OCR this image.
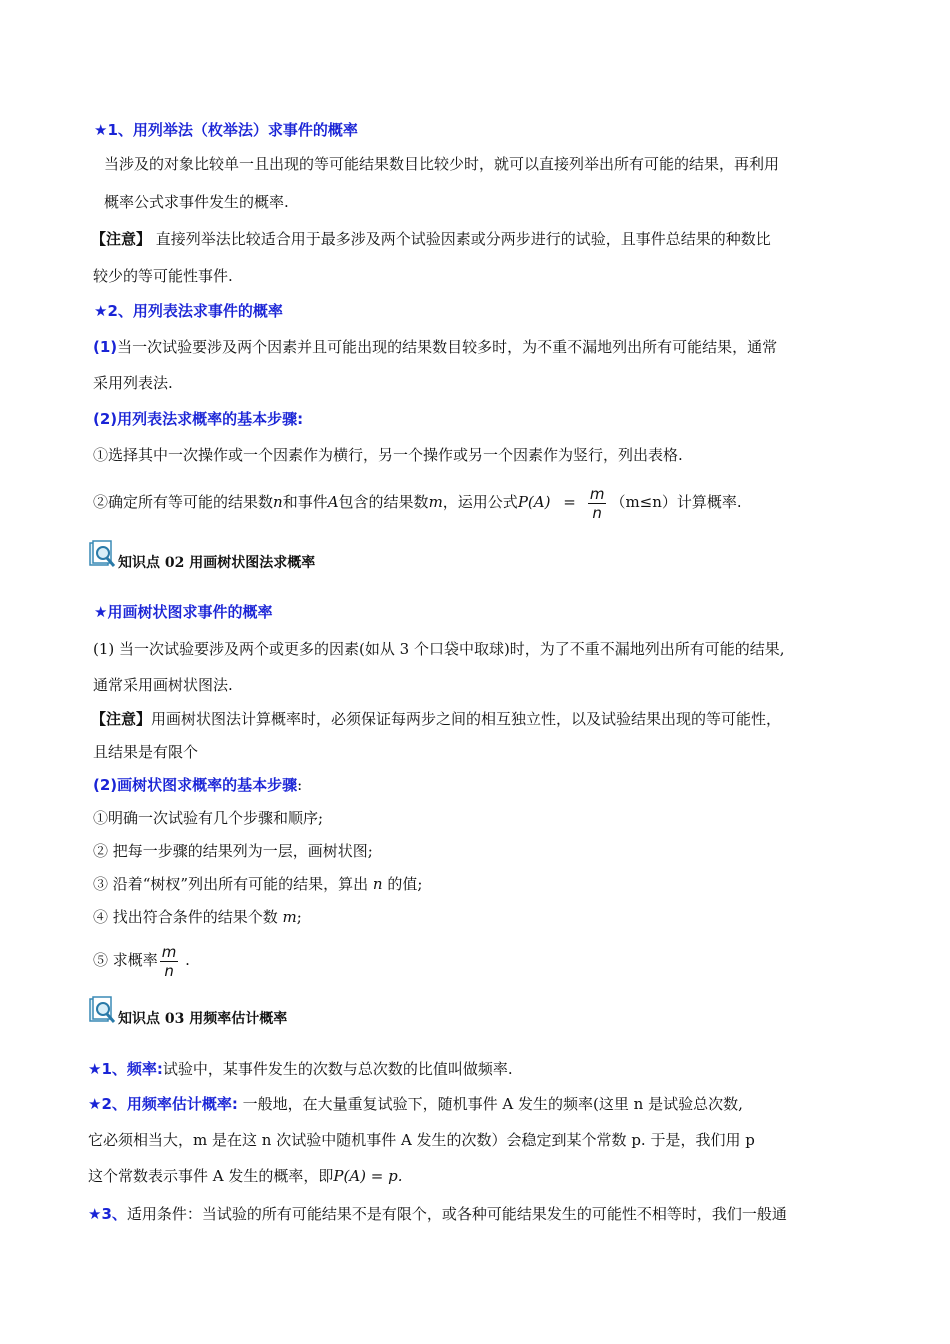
★1、用列举法（枚举法）求事件的概率
当涉及的对象比较单一且出现的等可能结果数目比较少时，就可以直接列举出所有可能的结果，再利用
概率公式求事件发生的概率.
【注意】 直接列举法比较适合用于最多涉及两个试验因素或分两步进行的试验，且事件总结果的种数比
较少的等可能性事件.
★2、用列表法求事件的概率
(1)当一次试验要涉及两个因素并且可能出现的结果数目较多时，为不重不漏地列出所有可能结果，通常
采用列表法.
(2)用列表法求概率的基本步骤:
①选择其中一次操作或一个因素作为横行，另一个操作或另一个因素作为竖行，列出表格.
②确定所有等可能的结果数n和事件A包含的结果数m，运用公式$P(A) = \frac{m}{n} (m\le n)$计算概率.
知识点 02 用画树状图法求概率
★用画树状图求事件的概率
(1) 当一次试验要涉及两个或更多的因素(如从 3 个口袋中取球)时，为了不重不漏地列出所有可能的结果,
通常采用画树状图法.
【注意】用画树状图法计算概率时，必须保证每两步之间的相互独立性，以及试验结果出现的等可能性，
且结果是有限个
(2)画树状图求概率的基本步骤:
①明确一次试验有几个步骤和顺序;
② 把每一步骤的结果列为一层，画树状图;
③ 沿着“树杈”列出所有可能的结果，算出 n 的值;
④ 找出符合条件的结果个数 m;
⑤ 求概率 $\frac{m}{n}$ .
知识点 03 用频率估计概率
★1、频率:试验中，某事件发生的次数与总次数的比值叫做频率.
★2、用频率估计概率: 一般地，在大量重复试验下，随机事件 A 发生的频率(这里 n 是试验总次数,
它必须相当大，m 是在这 n 次试验中随机事件 A 发生的次数）会稳定到某个常数 p. 于是，我们用 p
这个常数表示事件 A 发生的概率，即P(A) = p.
★3、适用条件：当试验的所有可能结果不是有限个，或各种可能结果发生的可能性不相等时，我们一般通
